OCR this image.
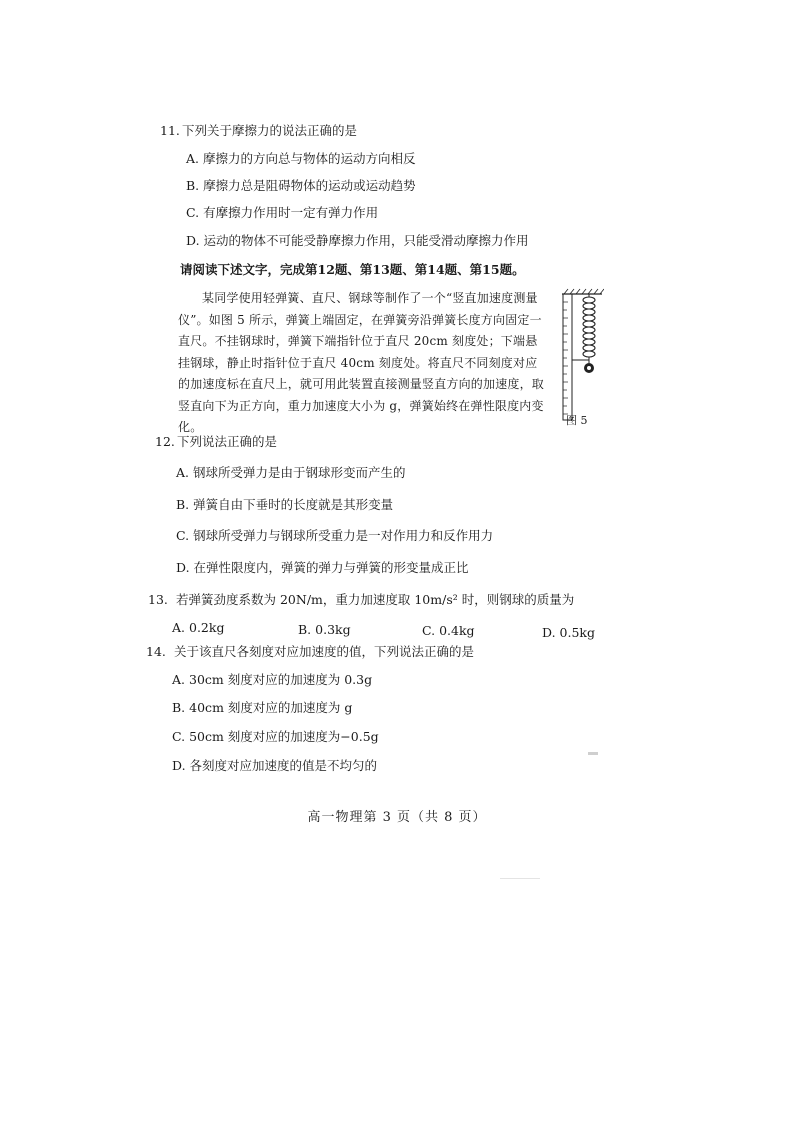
11. 下列关于摩擦力的说法正确的是
A. 摩擦力的方向总与物体的运动方向相反
B. 摩擦力总是阻碍物体的运动或运动趋势
C. 有摩擦力作用时一定有弹力作用
D. 运动的物体不可能受静摩擦力作用，只能受滑动摩擦力作用
请阅读下述文字，完成第12题、第13题、第14题、第15题。
某同学使用轻弹簧、直尺、钢球等制作了一个“竖直加速度测量仪”。如图 5 所示，弹簧上端固定，在弹簧旁沿弹簧长度方向固定一直尺。不挂钢球时，弹簧下端指针位于直尺 20cm 刻度处；下端悬挂钢球，静止时指针位于直尺 40cm 刻度处。将直尺不同刻度对应的加速度标在直尺上，就可用此装置直接测量竖直方向的加速度，取竖直向下为正方向，重力加速度大小为 g，弹簧始终在弹性限度内变化。	图 5
12. 下列说法正确的是
A. 钢球所受弹力是由于钢球形变而产生的
B. 弹簧自由下垂时的长度就是其形变量
C. 钢球所受弹力与钢球所受重力是一对作用力和反作用力
D. 在弹性限度内，弹簧的弹力与弹簧的形变量成正比
13. 若弹簧劲度系数为 20N/m，重力加速度取 10m/s² 时，则钢球的质量为
A. 0.2kg	B. 0.3kg	C. 0.4kg	D. 0.5kg
14. 关于该直尺各刻度对应加速度的值，下列说法正确的是
A. 30cm 刻度对应的加速度为 0.3g
B. 40cm 刻度对应的加速度为 g
C. 50cm 刻度对应的加速度为−0.5g
D. 各刻度对应加速度的值是不均匀的
高一物理第 3 页（共 8 页）
